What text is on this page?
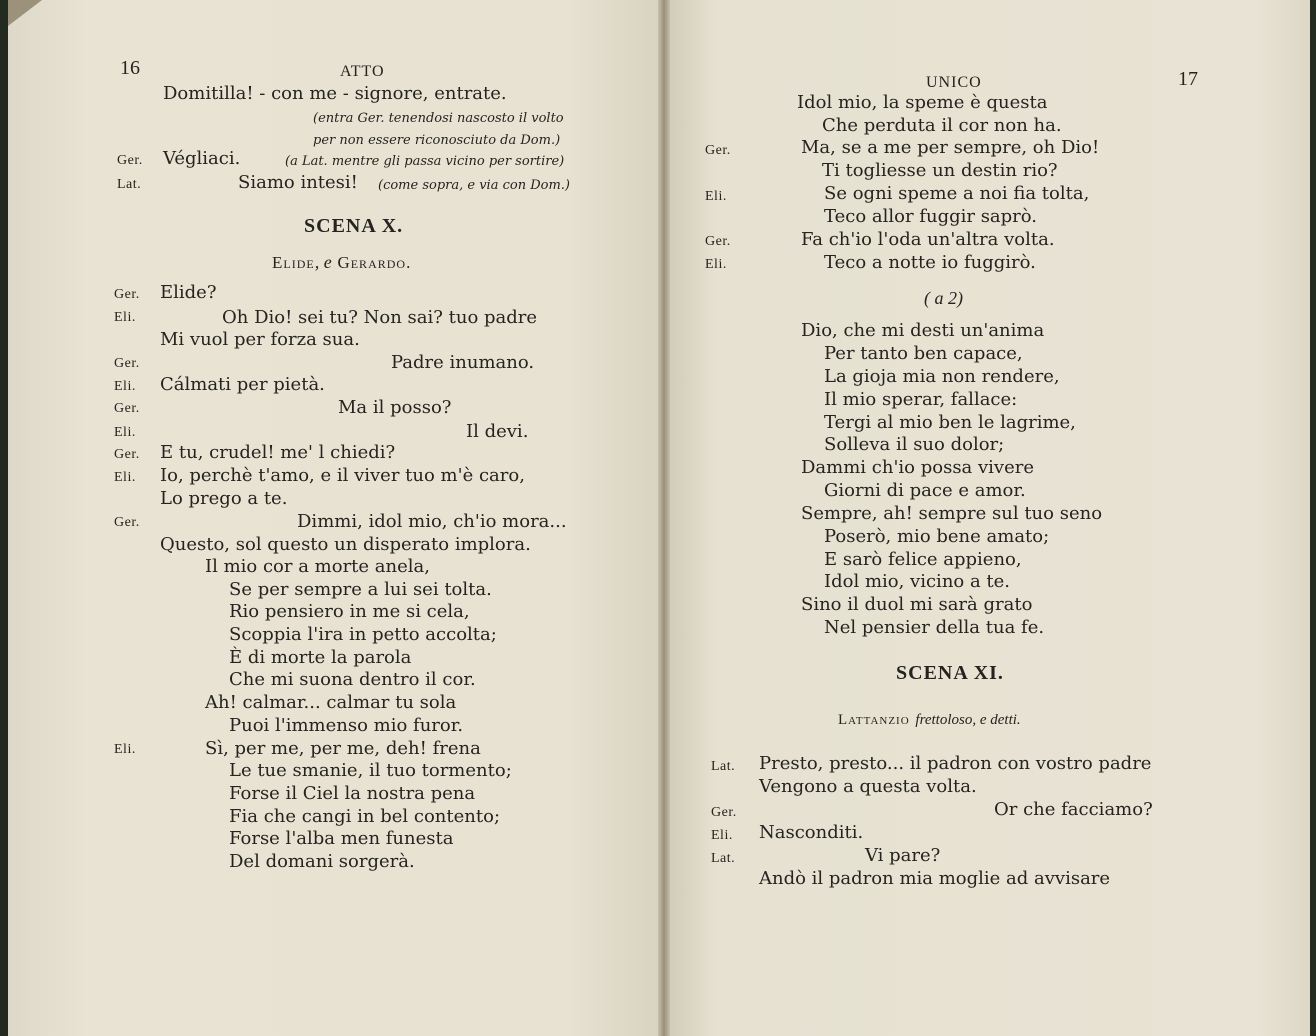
16	ATTO
Domitilla! - con me - signore, entrate.
(entra Ger. tenendosi nascosto il volto
per non essere riconosciuto da Dom.)
Ger. Végliaci.	(a Lat. mentre gli passa vicino per sortire)
Lat.	Siamo intesi! (come sopra, e via con Dom.)
SCENA X.
Elide, e Gerardo.
Ger. Elide?
Eli.	Oh Dio! sei tu? Non sai? tuo padre
Mi vuol per forza sua.
Ger.	Padre inumano.
Eli. Cálmati per pietà.
Ger.	Ma il posso?
Eli.	Il devi.
Ger. E tu, crudel! me' l chiedi?
Eli. Io, perchè t'amo, e il viver tuo m'è caro,
Lo prego a te.
Ger.	Dimmi, idol mio, ch'io mora...
Questo, sol questo un disperato implora.
Il mio cor a morte anela,
Se per sempre a lui sei tolta.
Rio pensiero in me si cela,
Scoppia l'ira in petto accolta;
È di morte la parola
Che mi suona dentro il cor.
Ah! calmar... calmar tu sola
Puoi l'immenso mio furor.
Eli.	Sì, per me, per me, deh! frena
Le tue smanie, il tuo tormento;
Forse il Ciel la nostra pena
Fia che cangi in bel contento;
Forse l'alba men funesta
Del domani sorgerà.
UNICO	17
Idol mio, la speme è questa
Che perduta il cor non ha.
Ger.	Ma, se a me per sempre, oh Dio!
Ti togliesse un destin rio?
Eli.	Se ogni speme a noi fia tolta,
Teco allor fuggir saprò.
Ger.	Fa ch'io l'oda un'altra volta.
Eli.	Teco a notte io fuggirò.
( a 2)
Dio, che mi desti un'anima
Per tanto ben capace,
La gioja mia non rendere,
Il mio sperar, fallace:
Tergi al mio ben le lagrime,
Solleva il suo dolor;
Dammi ch'io possa vivere
Giorni di pace e amor.
Sempre, ah! sempre sul tuo seno
Poserò, mio bene amato;
E sarò felice appieno,
Idol mio, vicino a te.
Sino il duol mi sarà grato
Nel pensier della tua fe.
SCENA XI.
Lattanzio frettoloso, e detti.
Lat. Presto, presto... il padron con vostro padre
Vengono a questa volta.
Ger.	Or che facciamo?
Eli. Nasconditi.
Lat.	Vi pare?
Andò il padron mia moglie ad avvisare
